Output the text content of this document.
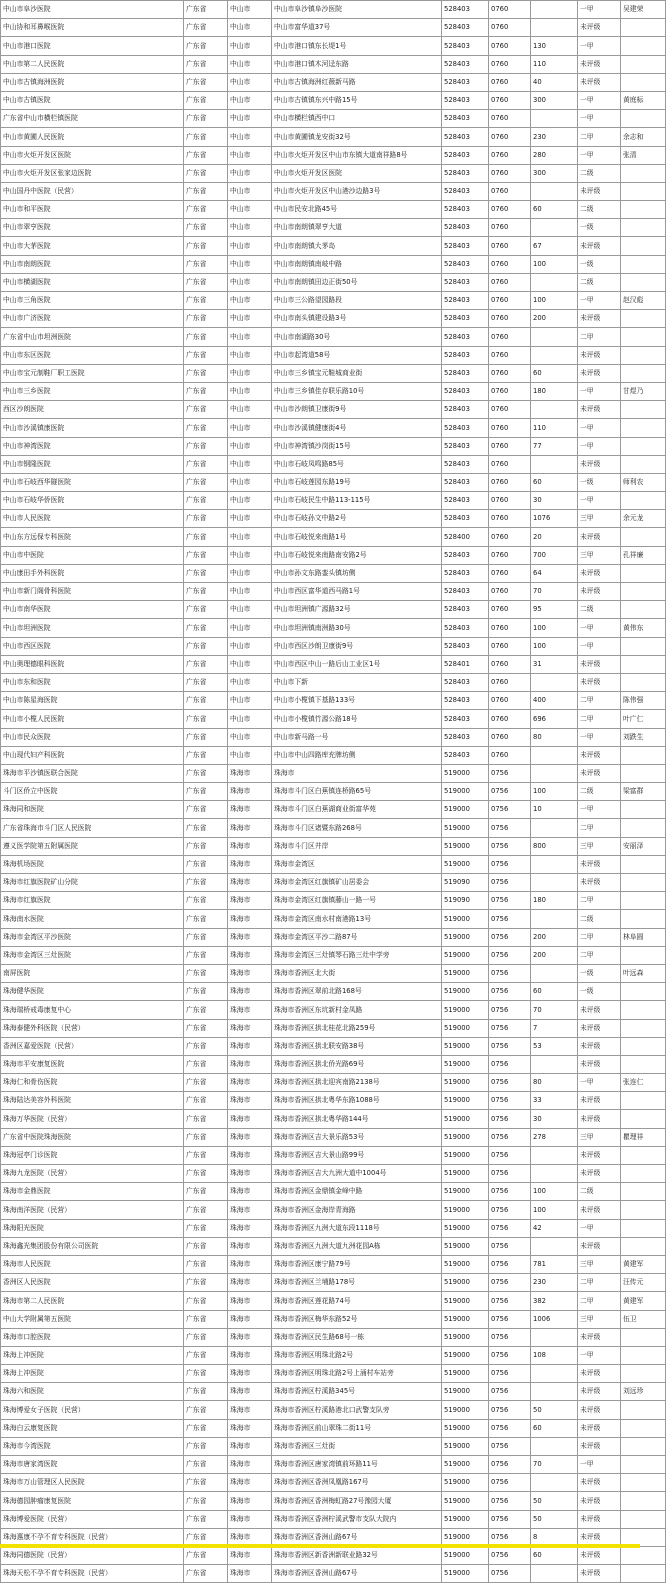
中山市阜沙医院	广东省	中山市	中山市阜沙镇阜沙医院	528403	0760		一甲	吴建荣
中山协和耳鼻喉医院	广东省	中山市	中山市富华道37号	528403	0760		未评级	
中山市港口医院	广东省	中山市	中山市港口镇东长堤1号	528403	0760	130	一甲	
中山市第二人民医院	广东省	中山市	中山市港口镇木河迳东路	528403	0760	110	未评级	
中山市古镇海洲医院	广东省	中山市	中山市古镇海洲红薇新马路	528403	0760	40	未评级	
中山市古镇医院	广东省	中山市	中山市古镇镇东兴中路15号	528403	0760	300	一甲	黄庭标
广东省中山市横栏镇医院	广东省	中山市	中山市横栏镇西中口	528403	0760		一甲	
中山市黄圃人民医院	广东省	中山市	中山市黄圃镇龙安街32号	528403	0760	230	二甲	余志和
中山市火炬开发区医院	广东省	中山市	中山市火炬开发区中山市东镇大道南祥路8号	528403	0760	280	一甲	张清
中山市火炬开发区张家边医院	广东省	中山市	中山市火炬开发区医院	528403	0760	300	二级	
中山国丹中医院（民营）	广东省	中山市	中山市火炬开发区中山港沙边路3号	528403	0760		未评级	
中山市和平医院	广东省	中山市	中山市民安北路45号	528403	0760	60	二级	
中山市翠亨医院	广东省	中山市	中山市南朗镇翠亨大道	528403	0760		一级	
中山市大茅医院	广东省	中山市	中山市南朗镇大茅岛	528403	0760	67	未评级	
中山市南朗医院	广东省	中山市	中山市南朗镇南岐中路	528403	0760	100	一级	
中山市横湖医院	广东省	中山市	中山市南朗镇田边正街50号	528403	0760		二级	
中山市三角医院	广东省	中山市	中山市三公路望园路段	528403	0760	100	一甲	赵汉彪
中山市广济医院	广东省	中山市	中山市南头镇建设路3号	528403	0760	200	未评级	
广东省中山市坦洲医院	广东省	中山市	中山市南湖路30号	528403	0760		二甲	
中山市东区医院	广东省	中山市	中山市起湾道58号	528403	0760		未评级	
中山市宝元制鞋厂职工医院	广东省	中山市	中山市三乡镇宝元鞋城商业街	528403	0760	60	未评级	
中山市三乡医院	广东省	中山市	中山市三乡镇佳存联乐路10号	528403	0760	180	一甲	甘煜乃
西区沙朗医院	广东省	中山市	中山市沙朗镇卫康街9号	528403	0760		未评级	
中山市沙溪镇康医院	广东省	中山市	中山市沙溪镇健康街4号	528403	0760	110	一甲	
中山市神湾医院	广东省	中山市	中山市神湾镇沙岗街15号	528403	0760	77	一甲	
中山市钢隆医院	广东省	中山市	中山市石岐凤鸣路85号	528403	0760		未评级	
中山市石岐西华隧医院	广东省	中山市	中山市石岐莲园东路19号	528403	0760	60	一级	师利农
中山市石岐华侨医院	广东省	中山市	中山市石岐民生中路113-115号	528403	0760	30	一甲	
中山市人民医院	广东省	中山市	中山市石岐孙文中路2号	528403	0760	1076	三甲	余元龙
中山东方远保专科医院	广东省	中山市	中山市石岐悦来南路1号	528400	0760	20	未评级	
中山市中医院	广东省	中山市	中山市石岐悦来南路南安路2号	528403	0760	700	三甲	孔祥廉
中山康田手外科医院	广东省	中山市	中山市孙文东路銮头镇坊侧	528403	0760	64	未评级	
中山市新门阁骨科医院	广东省	中山市	中山市西区富华道西马路1号	528403	0760	70	未评级	
中山市南华医院	广东省	中山市	中山市坦洲镇广源路32号	528403	0760	95	二级	
中山市坦洲医院	广东省	中山市	中山市坦洲镇南洲路30号	528403	0760	100	一甲	黄伟东
中山市西区医院	广东省	中山市	中山市西区沙朗卫康街9号	528403	0760	100	一甲	
中山奥理德眼科医院	广东省	中山市	中山市西区中山一路后山工业区1号	528401	0760	31	未评级	
中山市东和医院	广东省	中山市	中山市下新	528403	0760		未评级	
中山市陈星海医院	广东省	中山市	中山市小榄镇下基路133号	528403	0760	400	二甲	陈伟强
中山市小榄人民医院	广东省	中山市	中山市小榄镇竹源公路18号	528403	0760	696	二甲	叶广仁
中山市民众医院	广东省	中山市	中山市新马路一号	528403	0760	80	一甲	刘跌生
中山现代妇产科医院	广东省	中山市	中山市中山四路库充牌坊侧	528403	0760		未评级	
珠海市平沙镇医联合医院	广东省	珠海市	珠海市	519000	0756		未评级	
斗门区侨立中医院	广东省	珠海市	珠海市斗门区白蕉镇连桥路65号	519000	0756	100	二级	梁富群
珠海同和医院	广东省	珠海市	珠海市斗门区白蕉湖商业街富华苑	519000	0756	10	一甲	
广东省珠海市斗门区人民医院	广东省	珠海市	珠海市斗门区诸暨东路268号	519000	0756		二甲	
遵义医学院第五附属医院	广东省	珠海市	珠海市斗门区井岸	519000	0756	800	三甲	安丽泽
珠海机场医院	广东省	珠海市	珠海市金湾区	519000	0756		未评级	
珠海市红旗医院矿山分院	广东省	珠海市	珠海市金湾区红旗镇矿山居委会	519090	0756		未评级	
珠海市红旗医院	广东省	珠海市	珠海市金湾区红旗镇藤山一路一号	519090	0756	180	二甲	
珠海南水医院	广东省	珠海市	珠海市金湾区南水村南港路13号	519000	0756		二级	
珠海市金湾区平沙医院	广东省	珠海市	珠海市金湾区平沙二路87号	519000	0756	200	二甲	林阜圆
珠海市金湾区三灶医院	广东省	珠海市	珠海市金湾区三灶镇琴石路三灶中学旁	519000	0756	200	二甲	
南屏医院	广东省	珠海市	珠海市香洲区北大街	519000	0756		一级	叶远森
珠海健华医院	广东省	珠海市	珠海市香洲区翠前北路168号	519000	0756	60	一级	
珠海瑞桥戒毒康复中心	广东省	珠海市	珠海市香洲区东坑新村金凤路	519000	0756	70	未评级	
珠海泰健外科医院（民营）	广东省	珠海市	珠海市香洲区拱北桂花北路259号	519000	0756	7	未评级	
香洲区嘉爱医院（民营）	广东省	珠海市	珠海市香洲区拱北联安路38号	519000	0756	53	未评级	
珠海市平安康复医院	广东省	珠海市	珠海市香洲区拱北侨光路69号	519000	0756		未评级	
珠海仁和骨伤医院	广东省	珠海市	珠海市香洲区拱北迎宾南路2138号	519000	0756	80	一甲	张连仁
珠海陆达美容外科医院	广东省	珠海市	珠海市香洲区拱北粤华东路1088号	519000	0756	33	未评级	
珠海万华医院（民营）	广东省	珠海市	珠海市香洲区拱北粤华路144号	519000	0756	30	未评级	
广东省中医院珠海医院	广东省	珠海市	珠海市香洲区吉大景乐路53号	519000	0756	278	三甲	瞿理祥
珠海冠亭门诊医院	广东省	珠海市	珠海市香洲区吉大景山路99号	519000	0756		未评级	
珠海九龙医院（民营）	广东省	珠海市	珠海市香洲区吉大九洲大道中1004号	519000	0756		未评级	
珠海市金鼎医院	广东省	珠海市	珠海市香洲区金鼎镇金峰中路	519000	0756	100	二级	
珠海南洋医院（民营）	广东省	珠海市	珠海市香洲区金海岸青海路	519000	0756	100	未评级	
珠海阳光医院	广东省	珠海市	珠海市香洲区九洲大道东段1118号	519000	0756	42	一甲	
珠海鑫光集团股份有限公司医院	广东省	珠海市	珠海市香洲区九洲大道九洲花园A栋	519000	0756		未评级	
珠海市人民医院	广东省	珠海市	珠海市香洲区康宁路79号	519000	0756	781	三甲	黄建军
香洲区人民医院	广东省	珠海市	珠海市香洲区兰埔路178号	519000	0756	230	二甲	汪传元
珠海市第二人民医院	广东省	珠海市	珠海市香洲区莲花路74号	519000	0756	382	二甲	黄建军
中山大学附属第五医院	广东省	珠海市	珠海市香洲区梅华东路52号	519000	0756	1006	三甲	伍卫
珠海市口腔医院	广东省	珠海市	珠海市香洲区民生路68号一栋	519000	0756		未评级	
珠海上冲医院	广东省	珠海市	珠海市香洲区明珠北路2号	519000	0756	108	一甲	
珠海上冲医院	广东省	珠海市	珠海市香洲区明珠北路2号上涌村车站旁	519000	0756		未评级	
珠海六和医院	广东省	珠海市	珠海市香洲区柠溪路345号	519000	0756		未评级	刘远珍
珠海博爱女子医院（民营）	广东省	珠海市	珠海市香洲区柠溪路港北口武警支队旁	519000	0756	50	未评级	
珠海白云康复医院	广东省	珠海市	珠海市香洲区前山翠珠二街11号	519000	0756	60	未评级	
珠海市今湾医院	广东省	珠海市	珠海市香洲区三灶街	519000	0756		未评级	
珠海市唐家湾医院	广东省	珠海市	珠海市香洲区唐家湾镇前环路11号	519000	0756	70	一甲	
珠海市万山管理区人民医院	广东省	珠海市	珠海市香洲区香洲凤凰路167号	519000	0756		未评级	
珠海德园肿瘤康复医院	广东省	珠海市	珠海市香洲区香洲梅虹路27号豫园大厦	519000	0756	50	未评级	
珠海博爱医院（民营）	广东省	珠海市	珠海市香洲区香洲柠溪武警市支队大院内	519000	0756	50	未评级	
珠海惠康不孕不育专科医院（民营）	广东省	珠海市	珠海市香洲区香洲山路67号	519000	0756	8	未评级	
珠海同德医院（民营）	广东省	珠海市	珠海市香洲区新香洲新联业路32号	519000	0756	60	未评级	
珠海天松不孕不育专科医院（民营）	广东省	珠海市	珠海市香洲区香洲山路67号	519000	0756		未评级	
